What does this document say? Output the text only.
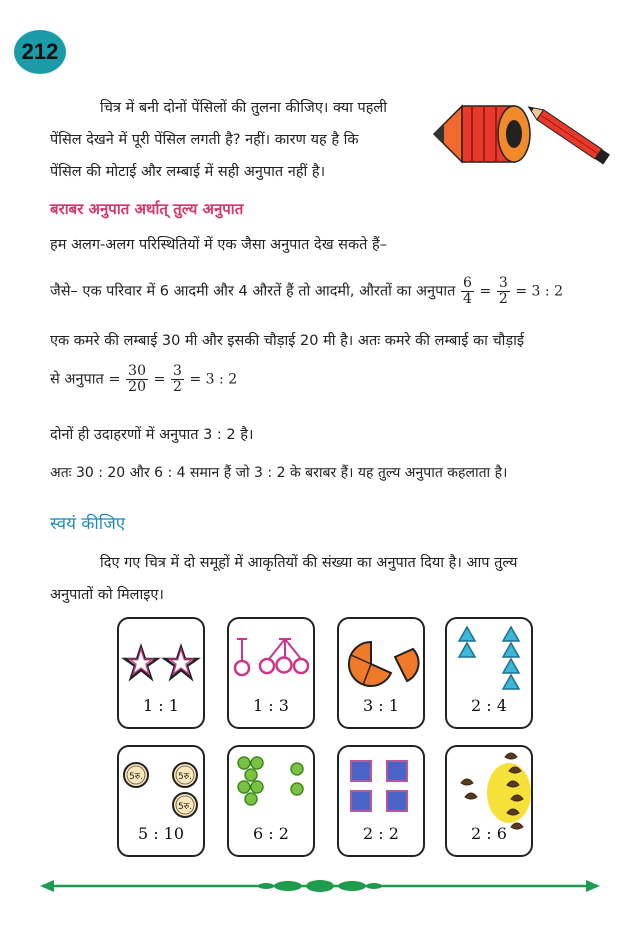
212
चित्र में बनी दोनों पेंसिलों की तुलना कीजिए। क्या पहली
पेंसिल देखने में पूरी पेंसिल लगती है? नहीं। कारण यह है कि
पेंसिल की मोटाई और लम्बाई में सही अनुपात नहीं है।
बराबर अनुपात अर्थात् तुल्य अनुपात
हम अलग-अलग परिस्थितियों में एक जैसा अनुपात देख सकते हैं–
जैसे– एक परिवार में 6 आदमी और 4 औरतें हैं तो आदमी, औरतों का अनुपात $\frac{6}{4} = \frac{3}{2} = 3$ : 2
एक कमरे की लम्बाई 30 मी और इसकी चौड़ाई 20 मी है। अतः कमरे की लम्बाई का चौड़ाई
से अनुपात = $\frac{30}{20} = \frac{3}{2} = 3$ : 2
दोनों ही उदाहरणों में अनुपात 3 : 2 है।
अतः 30 : 20 और 6 : 4 समान हैं जो 3 : 2 के बराबर हैं। यह तुल्य अनुपात कहलाता है।
स्वयं कीजिए
दिए गए चित्र में दो समूहों में आकृतियों की संख्या का अनुपात दिया है। आप तुल्य
अनुपातों को मिलाइए।
1 : 1	1 : 3	3 : 1	2 : 4
5रु.	5रु.
5रु.
5 : 10	6 : 2	2 : 2	2 : 6
